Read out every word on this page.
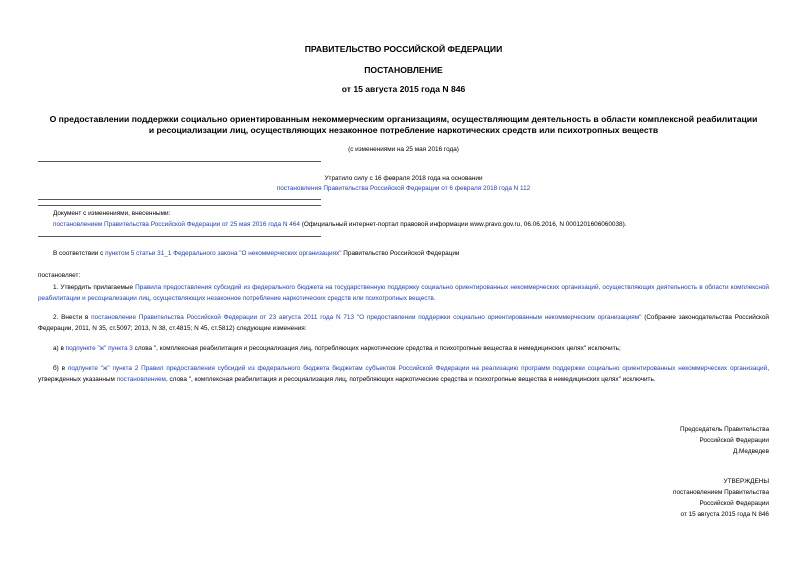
ПРАВИТЕЛЬСТВО РОССИЙСКОЙ ФЕДЕРАЦИИ
ПОСТАНОВЛЕНИЕ
от 15 августа 2015 года N 846
О предоставлении поддержки социально ориентированным некоммерческим организациям, осуществляющим деятельность в области комплексной реабилитации
и ресоциализации лиц, осуществляющих незаконное потребление наркотических средств или психотропных веществ
(с изменениями на 25 мая 2016 года)
Утратило силу с 16 февраля 2018 года на основании
постановления Правительства Российской Федерации от 6 февраля 2018 года N 112
Документ с изменениями, внесенными:
постановлением Правительства Российской Федерации от 25 мая 2016 года N 464 (Официальный интернет-портал правовой информации www.pravo.gov.ru, 06.06.2016, N 0001201606060038).
В соответствии с пунктом 5 статьи 31_1 Федерального закона "О некоммерческих организациях" Правительство Российской Федерации
постановляет:
1. Утвердить прилагаемые Правила предоставления субсидий из федерального бюджета на государственную поддержку социально ориентированных некоммерческих организаций, осуществляющих деятельность в области комплексной реабилитации и ресоциализации лиц, осуществляющих незаконное потребление наркотических средств или психотропных веществ.
2. Внести в постановление Правительства Российской Федерации от 23 августа 2011 года N 713 "О предоставлении поддержки социально ориентированным некоммерческим организациям" (Собрание законодательства Российской Федерации, 2011, N 35, ст.5097; 2013, N 38, ст.4815; N 45, ст.5812) следующие изменения:
а) в подпункте "ж" пункта 3 слова ", комплексная реабилитация и ресоциализация лиц, потребляющих наркотические средства и психотропные вещества в немедицинских целях" исключить;
б) в подпункте "ж" пункта 2 Правил предоставления субсидий из федерального бюджета бюджетам субъектов Российской Федерации на реализацию программ поддержки социально ориентированных некоммерческих организаций, утвержденных указанным постановлением, слова ", комплексная реабилитация и ресоциализация лиц, потребляющих наркотические средства и психотропные вещества в немедицинских целях" исключить.
Председатель Правительства
Российской Федерации
Д.Медведев
УТВЕРЖДЕНЫ
постановлением Правительства
Российской Федерации
от 15 августа 2015 года N 846
